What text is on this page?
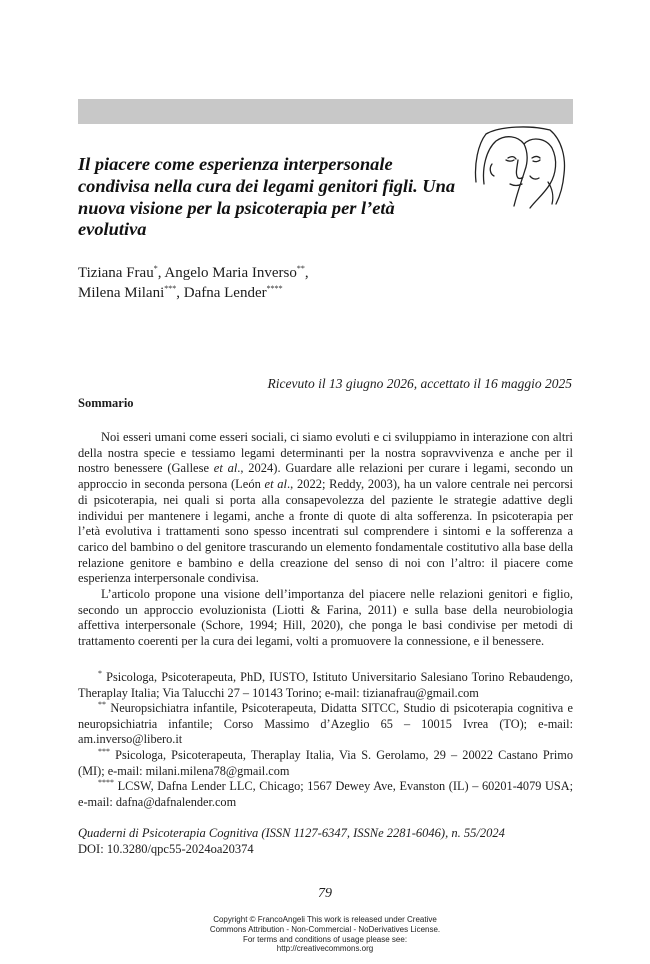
Il piacere come esperienza interpersonale condivisa nella cura dei legami genitori figli. Una nuova visione per la psicoterapia per l’età evolutiva
Tiziana Frau*, Angelo Maria Inverso**,
Milena Milani***, Dafna Lender****
Ricevuto il 13 giugno 2026, accettato il 16 maggio 2025
Sommario

Noi esseri umani come esseri sociali, ci siamo evoluti e ci sviluppiamo in interazione con altri della nostra specie e tessiamo legami determinanti per la nostra sopravvivenza e anche per il nostro benessere (Gallese et al., 2024). Guardare alle relazioni per curare i legami, secondo un approccio in seconda persona (León et al., 2022; Reddy, 2003), ha un valore centrale nei percorsi di psicoterapia, nei quali si porta alla consapevolezza del paziente le strategie adattive degli individui per mantenere i legami, anche a fronte di quote di alta sofferenza. In psicoterapia per l’età evolutiva i trattamenti sono spesso incentrati sul comprendere i sintomi e la sofferenza a carico del bambino o del genitore trascurando un elemento fondamentale costitutivo alla base della relazione genitore e bambino e della creazione del senso di noi con l’altro: il piacere come esperienza interpersonale condivisa.

L’articolo propone una visione dell’importanza del piacere nelle relazioni genitori e figlio, secondo un approccio evoluzionista (Liotti & Farina, 2011) e sulla base della neurobiologia affettiva interpersonale (Schore, 1994; Hill, 2020), che ponga le basi condivise per metodi di trattamento coerenti per la cura dei legami, volti a promuovere la connessione, e il benessere.

* Psicologa, Psicoterapeuta, PhD, IUSTO, Istituto Universitario Salesiano Torino Rebaudengo, Theraplay Italia; Via Talucchi 27 – 10143 Torino; e-mail: tizianafrau@gmail.com

** Neuropsichiatra infantile, Psicoterapeuta, Didatta SITCC, Studio di psicoterapia cognitiva e neuropsichiatria infantile; Corso Massimo d’Azeglio 65 – 10015 Ivrea (TO); e-mail: am.inverso@libero.it

*** Psicologa, Psicoterapeuta, Theraplay Italia, Via S. Gerolamo, 29 – 20022 Castano Primo (MI); e-mail: milani.milena78@gmail.com

**** LCSW, Dafna Lender LLC, Chicago; 1567 Dewey Ave, Evanston (IL) – 60201-4079 USA; e-mail: dafna@dafnalender.com

Quaderni di Psicoterapia Cognitiva (ISSN 1127-6347, ISSNe 2281-6046), n. 55/2024
DOI: 10.3280/qpc55-2024oa20374
79
Copyright © FrancoAngeli This work is released under Creative
Commons Attribution - Non-Commercial - NoDerivatives License.
For terms and conditions of usage please see:
http://creativecommons.org
